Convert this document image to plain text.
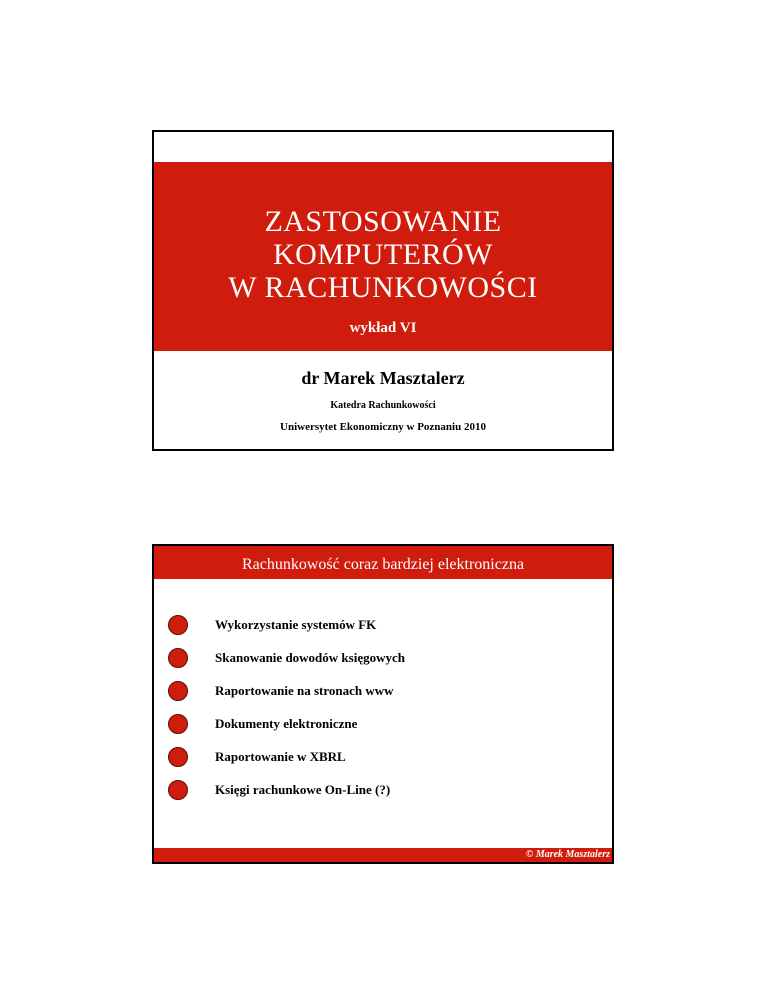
ZASTOSOWANIE
KOMPUTERÓW
W RACHUNKOWOŚCI
wykład VI
dr Marek Masztalerz
Katedra Rachunkowości
Uniwersytet Ekonomiczny w Poznaniu 2010
Rachunkowość coraz bardziej elektroniczna
Wykorzystanie systemów FK
Skanowanie dowodów księgowych
Raportowanie na stronach www
Dokumenty elektroniczne
Raportowanie w XBRL
Księgi rachunkowe On-Line (?)
© Marek Masztalerz
